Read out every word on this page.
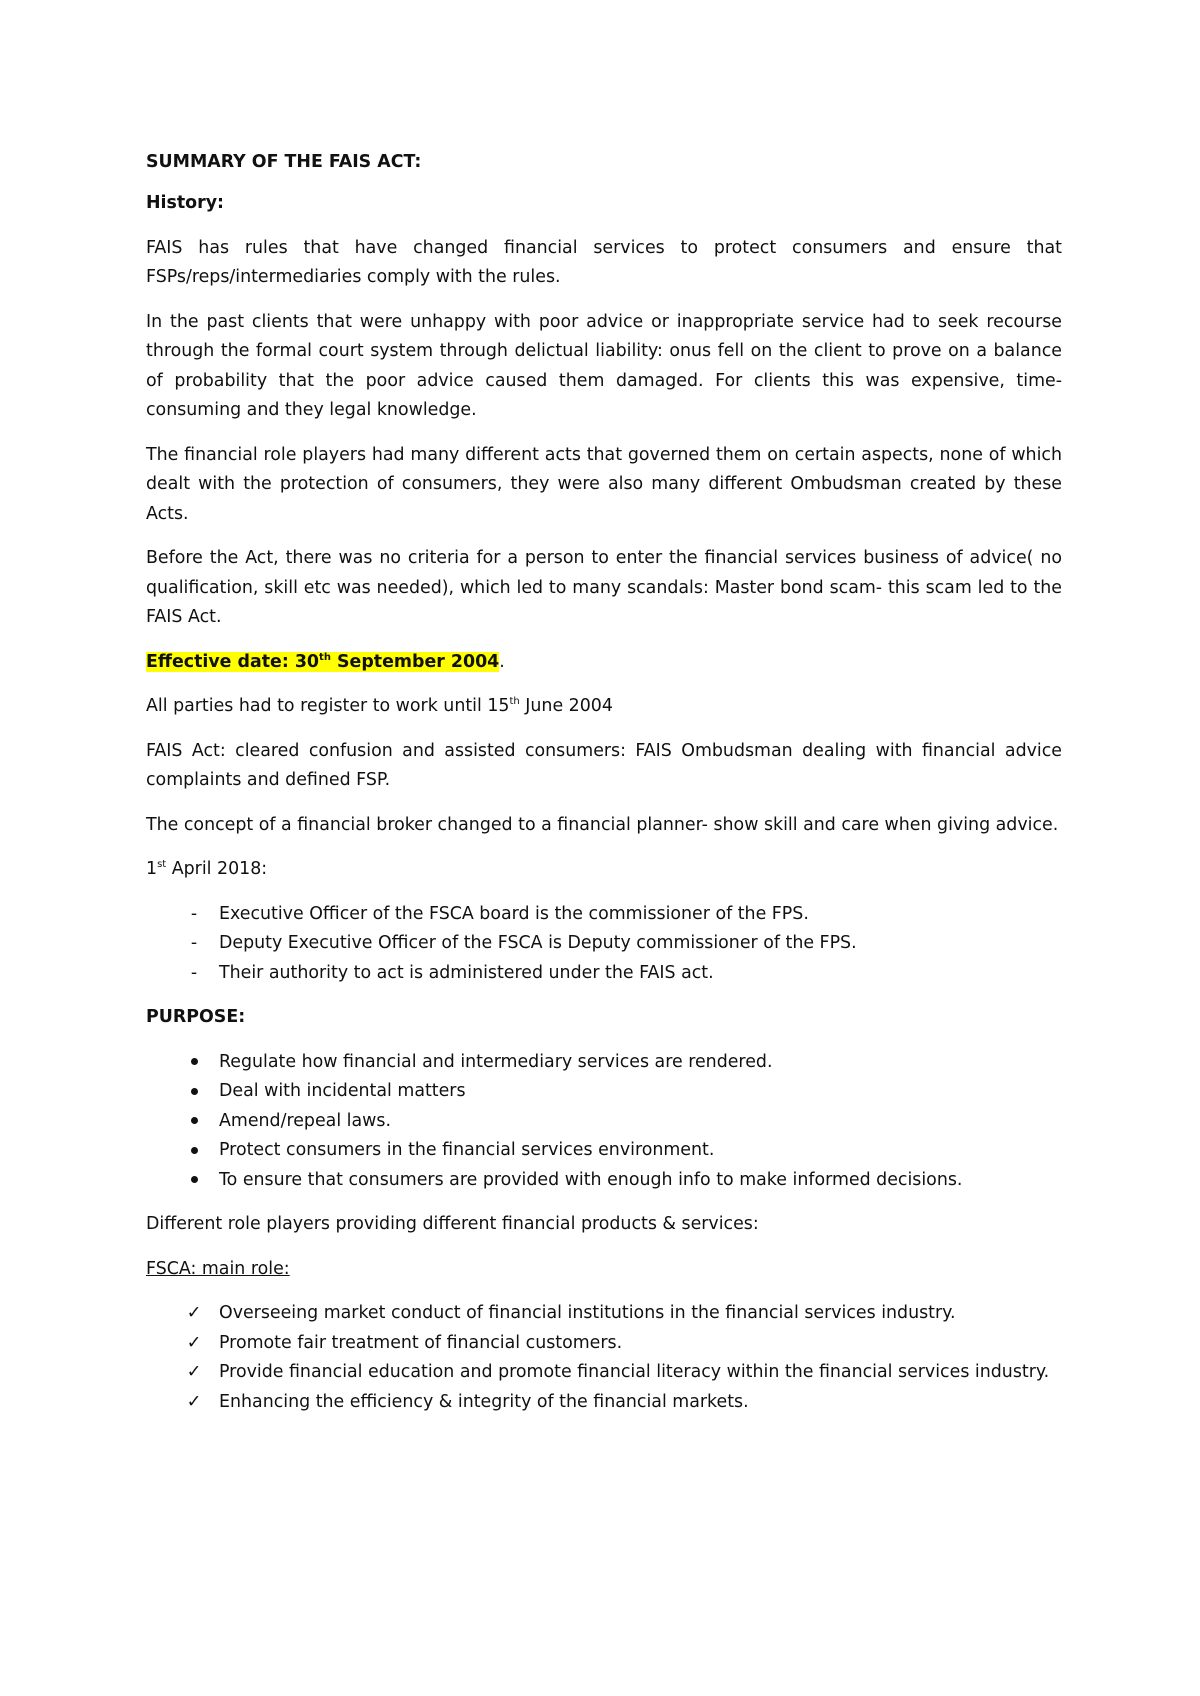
SUMMARY OF THE FAIS ACT:

History:

FAIS has rules that have changed financial services to protect consumers and ensure that FSPs/reps/intermediaries comply with the rules.

In the past clients that were unhappy with poor advice or inappropriate service had to seek recourse through the formal court system through delictual liability: onus fell on the client to prove on a balance of probability that the poor advice caused them damaged. For clients this was expensive, time-consuming and they legal knowledge.

The financial role players had many different acts that governed them on certain aspects, none of which dealt with the protection of consumers, they were also many different Ombudsman created by these Acts.

Before the Act, there was no criteria for a person to enter the financial services business of advice( no qualification, skill etc was needed), which led to many scandals: Master bond scam- this scam led to the FAIS Act.

Effective date: 30th September 2004.

All parties had to register to work until 15th June 2004

FAIS Act: cleared confusion and assisted consumers: FAIS Ombudsman dealing with financial advice complaints and defined FSP.

The concept of a financial broker changed to a financial planner- show skill and care when giving advice.

1st April 2018:

-	Executive Officer of the FSCA board is the commissioner of the FPS.
-	Deputy Executive Officer of the FSCA is Deputy commissioner of the FPS.
-	Their authority to act is administered under the FAIS act.

PURPOSE:

Regulate how financial and intermediary services are rendered.
Deal with incidental matters
Amend/repeal laws.
Protect consumers in the financial services environment.
To ensure that consumers are provided with enough info to make informed decisions.

Different role players providing different financial products & services:

FSCA: main role:

✓ Overseeing market conduct of financial institutions in the financial services industry.
✓ Promote fair treatment of financial customers.
✓ Provide financial education and promote financial literacy within the financial services industry.
✓ Enhancing the efficiency & integrity of the financial markets.
